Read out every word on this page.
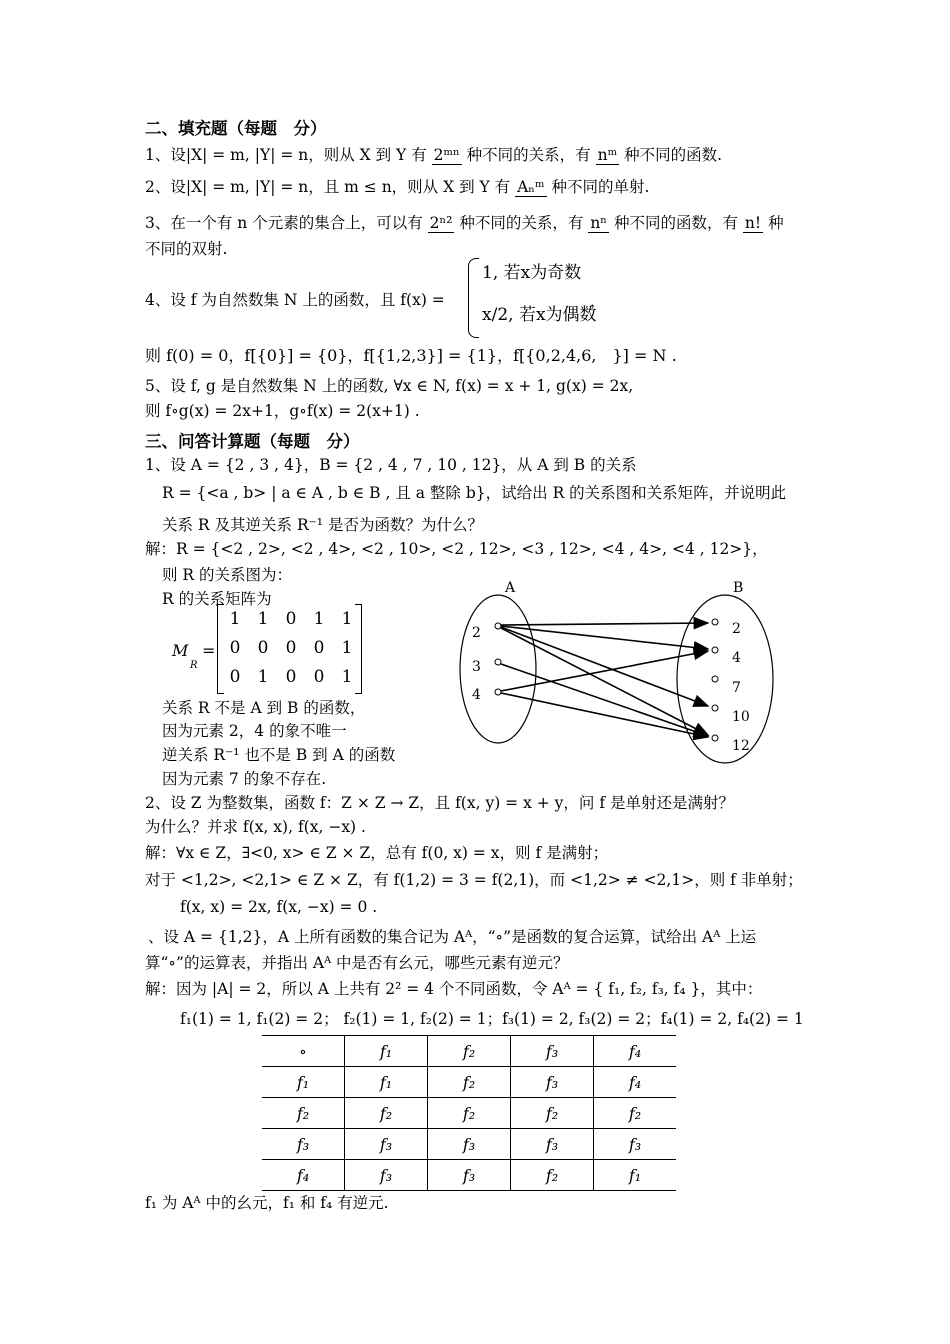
二、填充题（每题　分）
1、设|X| = m, |Y| = n，则从 X 到 Y 有 2ᵐⁿ 种不同的关系，有 nᵐ 种不同的函数.
2、设|X| = m, |Y| = n，且 m ≤ n，则从 X 到 Y 有 Aₙᵐ 种不同的单射.
3、在一个有 n 个元素的集合上，可以有 2ⁿ² 种不同的关系，有 nⁿ 种不同的函数，有 n! 种
不同的双射.
4、设 f 为自然数集 N 上的函数，且 f(x) =
1, 若x为奇数
x/2, 若x为偶数
，
则 f(0) = 0，f[{0}] = {0}，f[{1,2,3}] = {1}，f[{0,2,4,6,　}] = N .
5、设 f, g 是自然数集 N 上的函数, ∀x ∈ N, f(x) = x + 1, g(x) = 2x,
则 f∘g(x) = 2x+1，g∘f(x) = 2(x+1) .
三、问答计算题（每题　分）
1、设 A = {2 , 3 , 4}，B = {2 , 4 , 7 , 10 , 12}，从 A 到 B 的关系
R = {<a , b> | a ∈ A , b ∈ B , 且 a 整除 b}，试给出 R 的关系图和关系矩阵，并说明此
关系 R 及其逆关系 R⁻¹ 是否为函数？为什么？
解：R = {<2 , 2>, <2 , 4>, <2 , 10>, <2 , 12>, <3 , 12>, <4 , 4>, <4 , 12>}，
则 R 的关系图为：
R 的关系矩阵为
M
R
=
1	1	0	1	1
0	0	0	0	1
0	1	0	0	1
关系 R 不是 A 到 B 的函数，
因为元素 2，4 的象不唯一
逆关系 R⁻¹ 也不是 B 到 A 的函数
因为元素 7 的象不存在.
A	B
2
3
4
2
4
7
10
12
2、设 Z 为整数集，函数 f：Z × Z → Z，且 f(x, y) = x + y，问 f 是单射还是满射？
为什么？并求 f(x, x), f(x, −x) .
解：∀x ∈ Z，∃<0, x> ∈ Z × Z，总有 f(0, x) = x，则 f 是满射；
对于 <1,2>, <2,1> ∈ Z × Z，有 f(1,2) = 3 = f(2,1)，而 <1,2> ≠ <2,1>，则 f 非单射；
f(x, x) = 2x, f(x, −x) = 0 .
、设 A = {1,2}，A 上所有函数的集合记为 Aᴬ，“∘”是函数的复合运算，试给出 Aᴬ 上运
算“∘”的运算表，并指出 Aᴬ 中是否有幺元，哪些元素有逆元？
解：因为 |A| = 2，所以 A 上共有 2² = 4 个不同函数，令 Aᴬ = { f₁, f₂, f₃, f₄ }，其中：
f₁(1) = 1, f₁(2) = 2； f₂(1) = 1, f₂(2) = 1；f₃(1) = 2, f₃(2) = 2；f₄(1) = 2, f₄(2) = 1
∘	f₁	f₂	f₃	f₄
f₁	f₁	f₂	f₃	f₄
f₂	f₂	f₂	f₂	f₂
f₃	f₃	f₃	f₃	f₃
f₄	f₃	f₃	f₂	f₁
f₁ 为 Aᴬ 中的幺元，f₁ 和 f₄ 有逆元.
